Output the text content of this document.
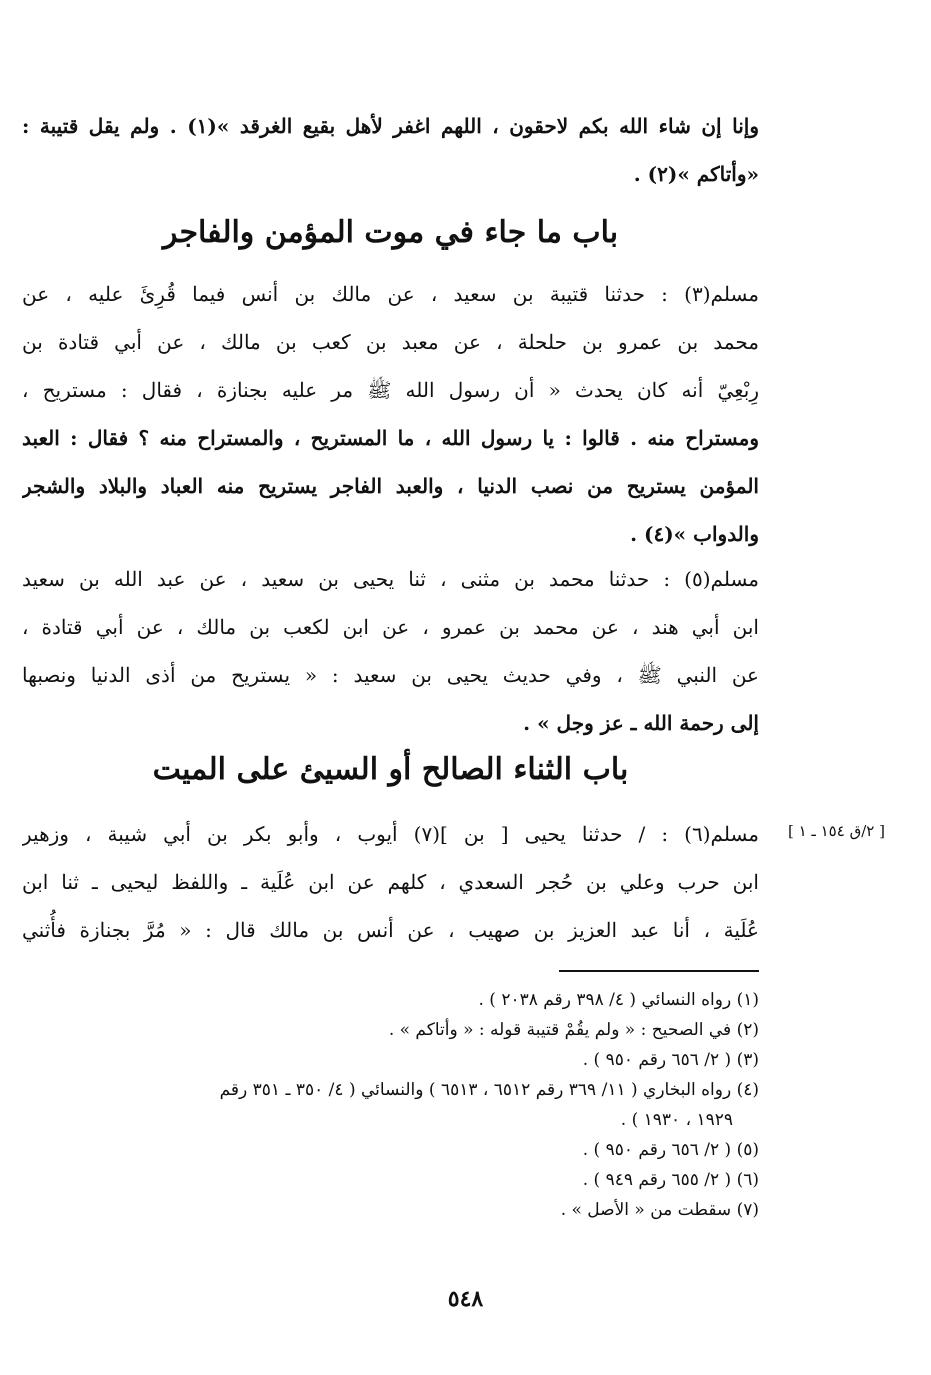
وإنا إن شاء الله بكم لاحقون ، اللهم اغفر لأهل بقيع الغرقد »(١) . ولم يقل قتيبة :
«وأتاكم »(٢) .
باب ما جاء في موت المؤمن والفاجر
مسلم(٣) : حدثنا قتيبة بن سعيد ، عن مالك بن أنس فيما قُرِئَ عليه ، عن
محمد بن عمرو بن حلحلة ، عن معبد بن كعب بن مالك ، عن أبي قتادة بن
رِبْعِيّ أنه كان يحدث « أن رسول الله ﷺ مر عليه بجنازة ، فقال : مستريح ،
ومستراح منه . قالوا : يا رسول الله ، ما المستريح ، والمستراح منه ؟ فقال : العبد
المؤمن يستريح من نصب الدنيا ، والعبد الفاجر يستريح منه العباد والبلاد والشجر
والدواب »(٤) .
مسلم(٥) : حدثنا محمد بن مثنى ، ثنا يحيى بن سعيد ، عن عبد الله بن سعيد
ابن أبي هند ، عن محمد بن عمرو ، عن ابن لكعب بن مالك ، عن أبي قتادة ،
عن النبي ﷺ ، وفي حديث يحيى بن سعيد : « يستريح من أذى الدنيا ونصبها
إلى رحمة الله ـ عز وجل » .
باب الثناء الصالح أو السيئ على الميت
[ ٢/ق ١٥٤ ـ ١ ]
مسلم(٦) : / حدثنا يحيى [ بن ](٧) أيوب ، وأبو بكر بن أبي شيبة ، وزهير
ابن حرب وعلي بن حُجر السعدي ، كلهم عن ابن عُلَية ـ واللفظ ليحيى ـ ثنا ابن
عُلَية ، أنا عبد العزيز بن صهيب ، عن أنس بن مالك قال : « مُرَّ بجنازة فأُثني
(١) رواه النسائي ( ٤/ ٣٩٨ رقم ٢٠٣٨ ) .
(٢) في الصحيح : « ولم يقُمْ قتيبة قوله : « وأتاكم » .
(٣) ( ٢/ ٦٥٦ رقم ٩٥٠ ) .
(٤) رواه البخاري ( ١١/ ٣٦٩ رقم ٦٥١٢ ، ٦٥١٣ ) والنسائي ( ٤/ ٣٥٠ ـ ٣٥١ رقم
١٩٢٩ ، ١٩٣٠ ) .
(٥) ( ٢/ ٦٥٦ رقم ٩٥٠ ) .
(٦) ( ٢/ ٦٥٥ رقم ٩٤٩ ) .
(٧) سقطت من « الأصل » .
٥٤٨
